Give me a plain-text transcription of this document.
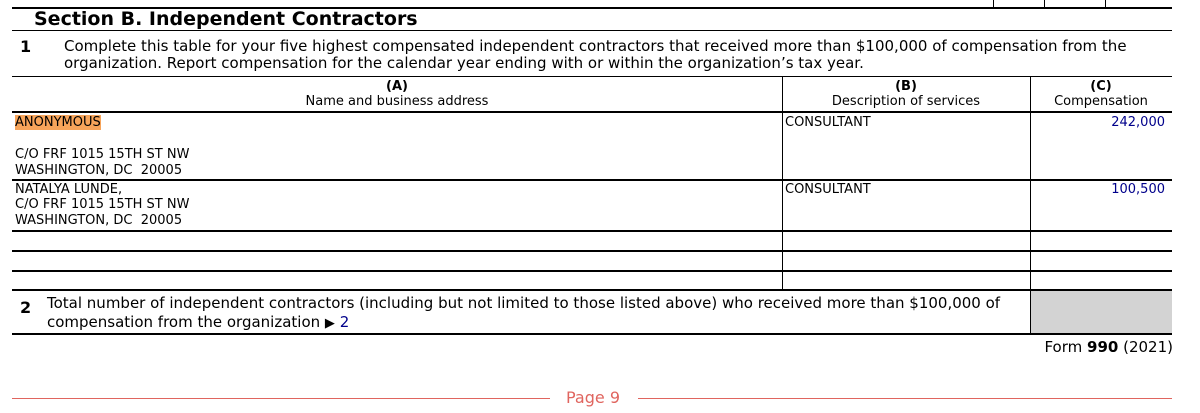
Section B. Independent Contractors
1 Complete this table for your five highest compensated independent contractors that received more than $100,000 of compensation from the organization. Report compensation for the calendar year ending with or within the organization’s tax year.
(A)
Name and business address
(B)
Description of services
(C)
Compensation
ANONYMOUS
C/O FRF 1015 15TH ST NW
WASHINGTON, DC  20005
CONSULTANT	242,000
NATALYA LUNDE,
C/O FRF 1015 15TH ST NW
WASHINGTON, DC  20005
CONSULTANT	100,500
2 Total number of independent contractors (including but not limited to those listed above) who received more than $100,000 of
compensation from the organization ▶ 2
Form 990 (2021)
Page 9
